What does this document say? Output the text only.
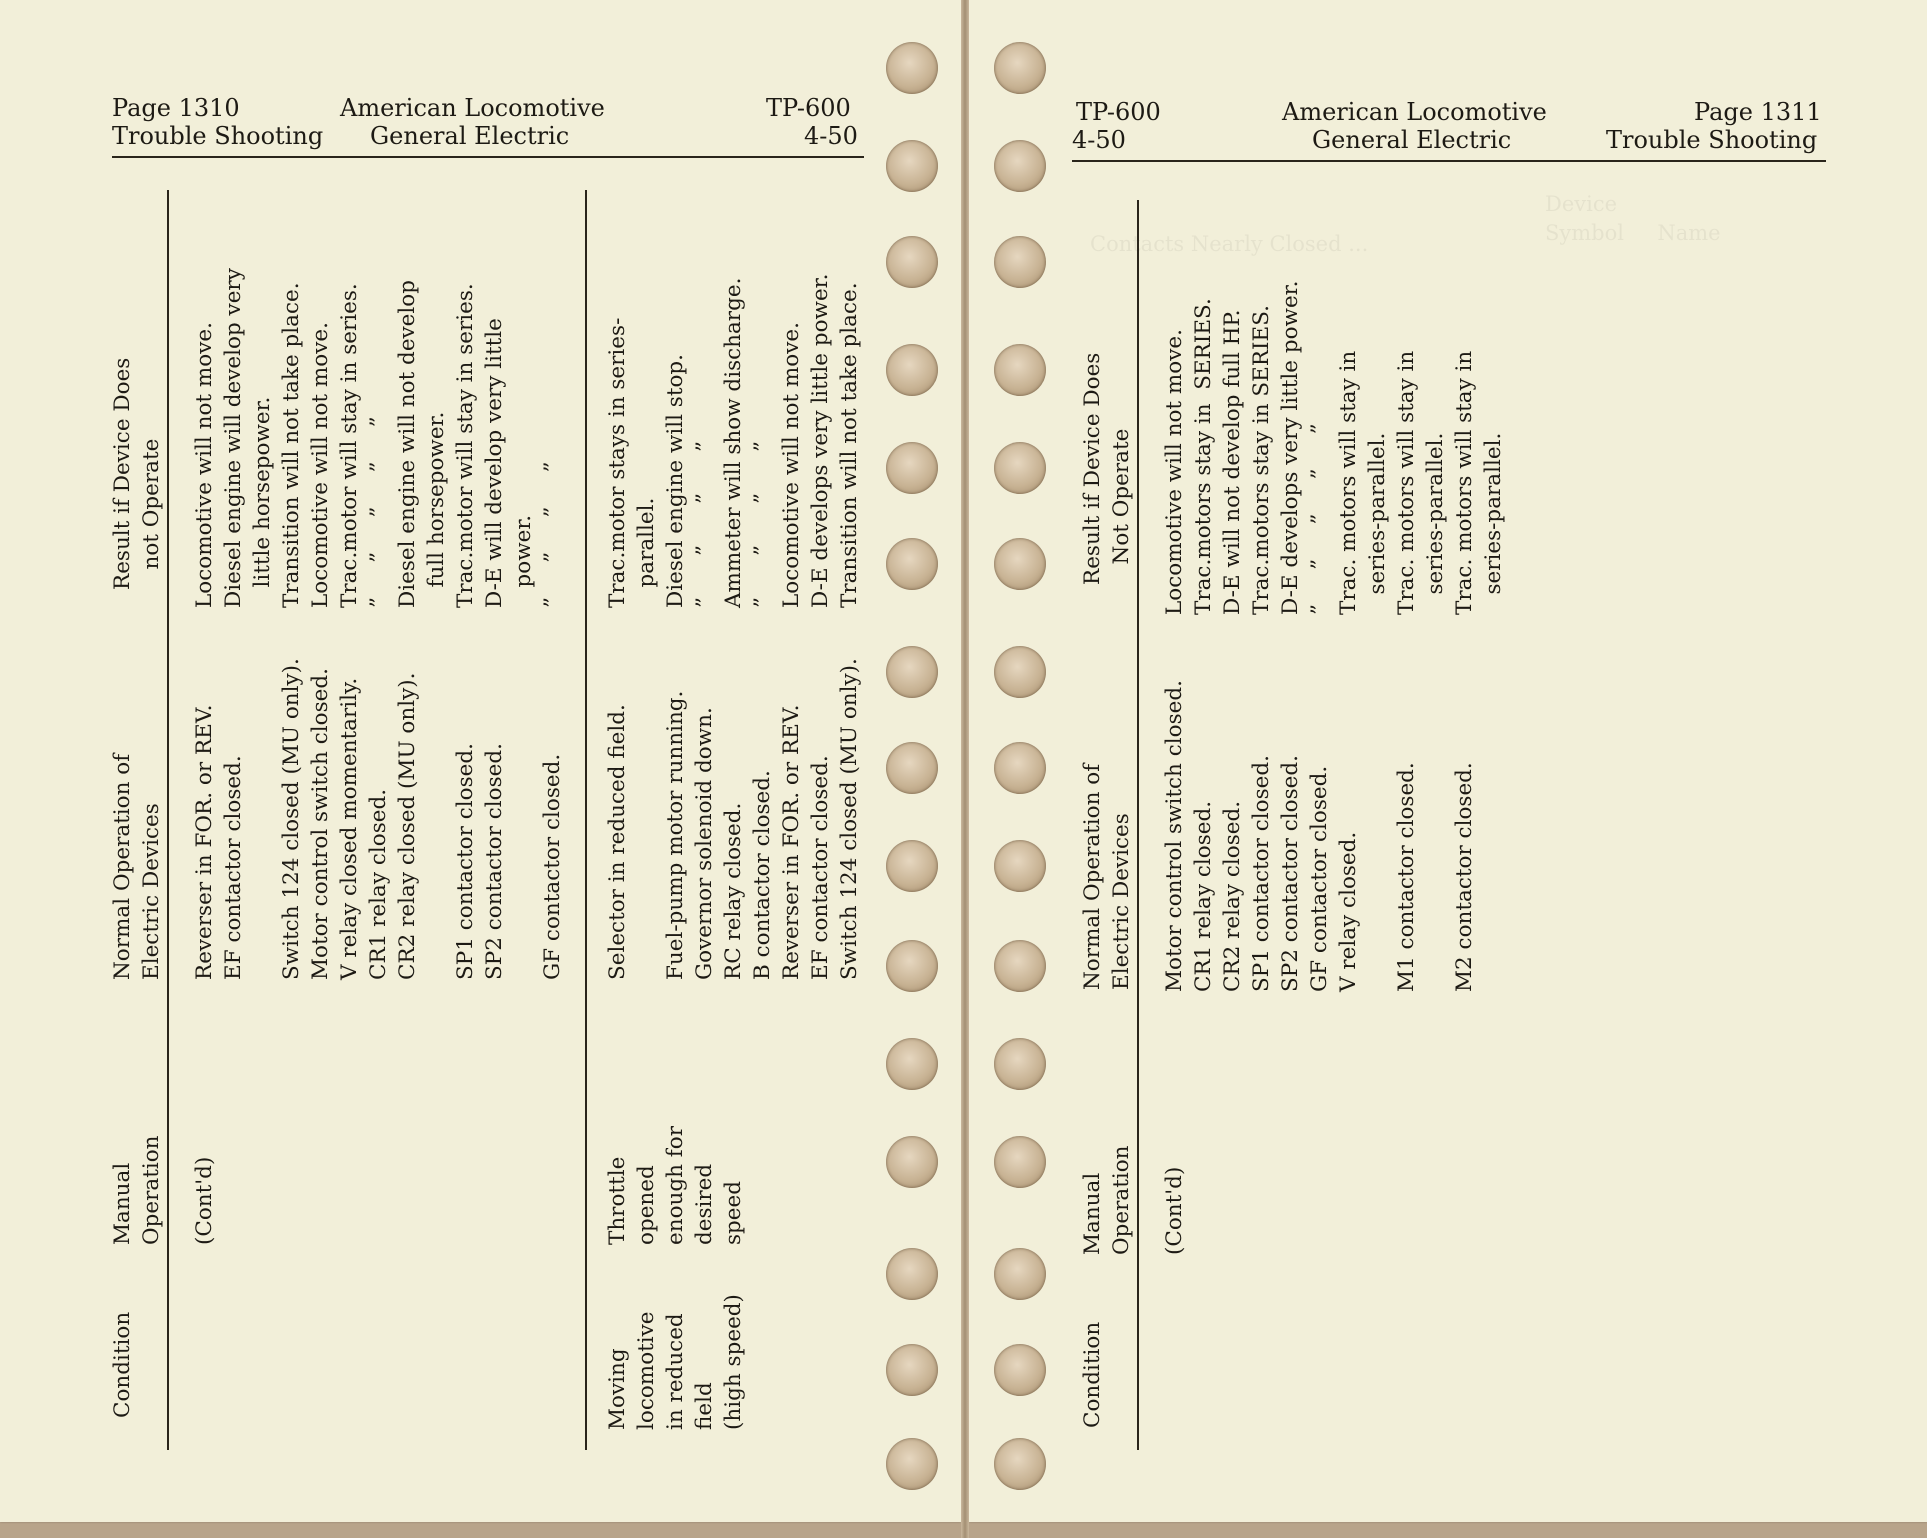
Device
Symbol     Name
Contacts Nearly Closed ...
Page 1310
Trouble Shooting
American Locomotive
General Electric
TP-600
4-50
TP-600
4-50
American Locomotive
General Electric
Page 1311
Trouble Shooting
Condition
Manual
Operation
Normal Operation of
Electric Devices
Result if Device Does
not Operate
(Cont'd)
Reverser in FOR. or REV.
EF contactor closed.

Switch 124 closed (MU only).
Motor control switch closed.
V relay closed momentarily.
CR1 relay closed.
CR2 relay closed (MU only).

SP1 contactor closed.
SP2 contactor closed.

GF contactor closed.
Locomotive will not move.
Diesel engine will develop very
little horsepower.
Transition will not take place.
Locomotive will not move.
Trac.motor will stay in series.
”     ”     ”     ”     ”
Diesel engine will not develop
full horsepower.
Trac.motor will stay in series.
D-E will develop very little
power.
”     ”     ”     ”
Moving
locomotive
in reduced
field
(high speed)
Throttle
opened
enough for
desired
speed
Selector in reduced field.

Fuel-pump motor running.
Governor solenoid down.
RC relay closed.
B contactor closed.
Reverser in FOR. or REV.
EF contactor closed.
Switch 124 closed (MU only).
Trac.motor stays in series-
parallel.
Diesel engine will stop.
”      ”      ”      ”
Ammeter will show discharge.
”      ”      ”      ”
Locomotive will not move.
D-E develops very little power.
Transition will not take place.
Condition
Manual
Operation
Normal Operation of
Electric Devices
Result if Device Does
Not Operate
(Cont'd)
Motor control switch closed.
CR1 relay closed.
CR2 relay closed.
SP1 contactor closed.
SP2 contactor closed.
GF contactor closed.
V relay closed.

M1 contactor closed.

M2 contactor closed.
Locomotive will not move.
Trac.motors stay in  SERIES.
D-E will not develop full HP.
Trac.motors stay in SERIES.
D-E develops very little power.
”     ”     ”     ”     ”
Trac. motors will stay in
series-parallel.
Trac. motors will stay in
series-parallel.
Trac. motors will stay in
series-parallel.
